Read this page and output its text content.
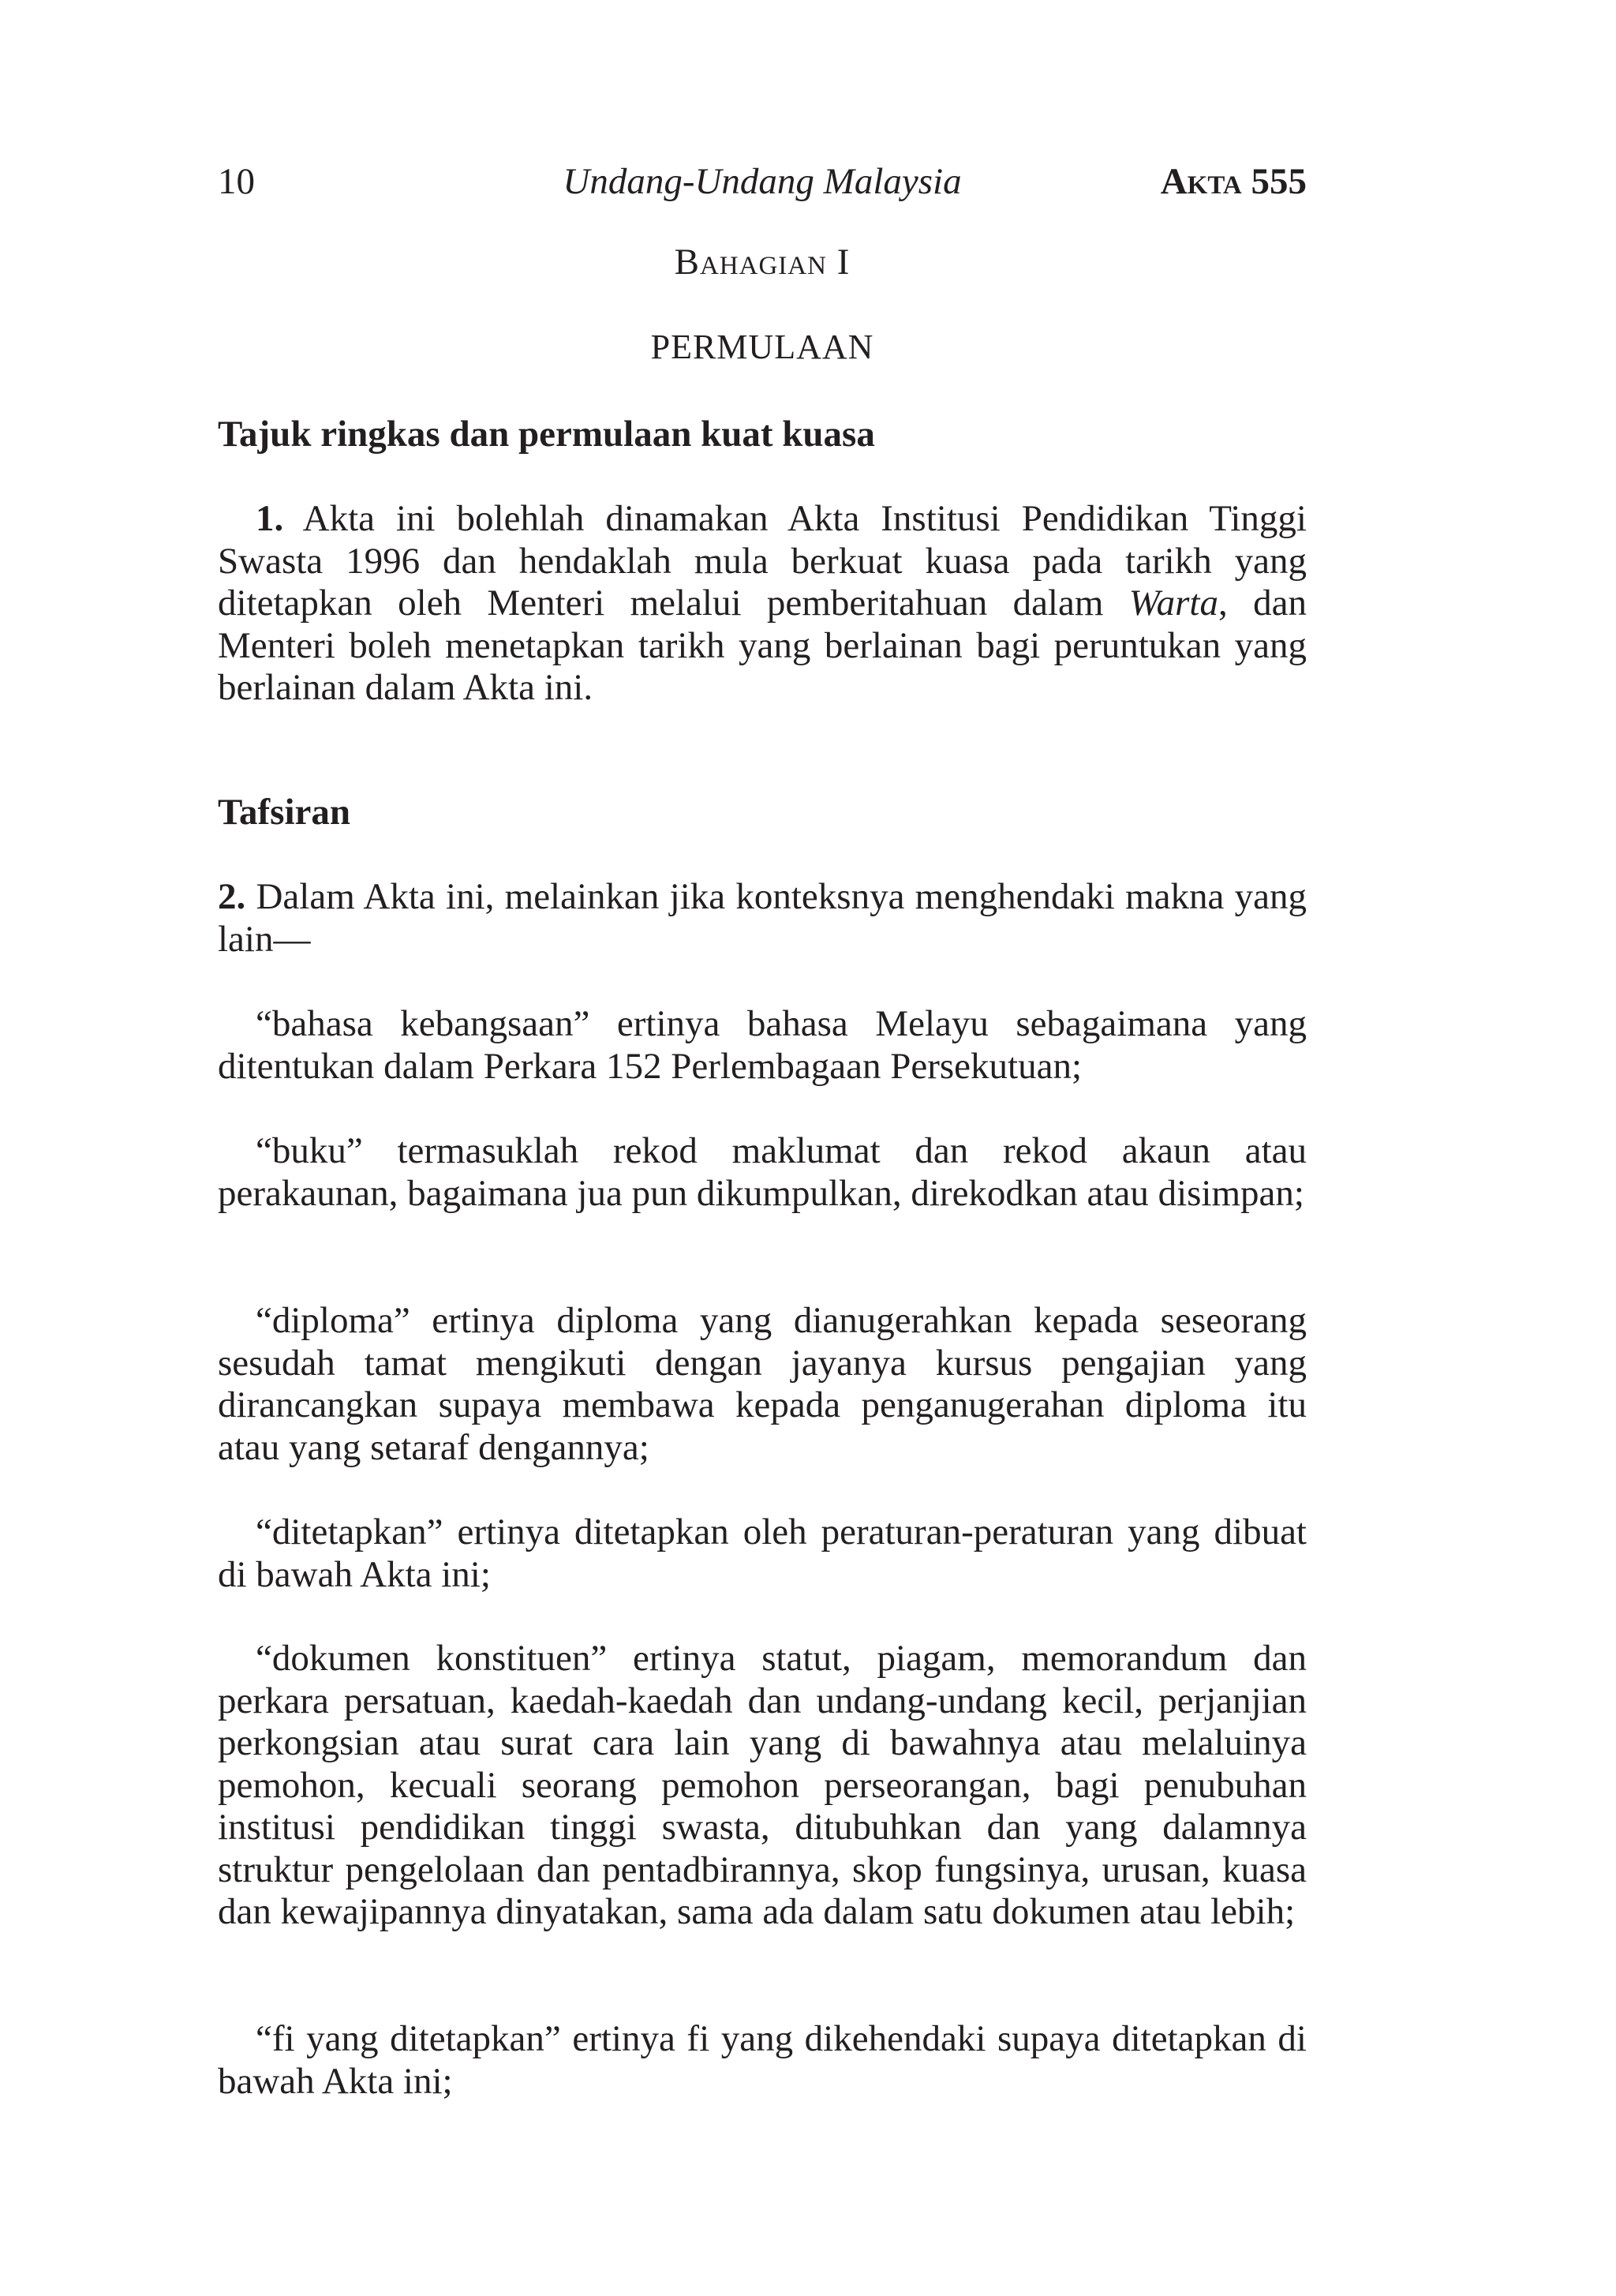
10	Undang-Undang Malaysia	Akta 555
Bahagian I
PERMULAAN
Tajuk ringkas dan permulaan kuat kuasa
1. Akta ini bolehlah dinamakan Akta Institusi Pendidikan Tinggi Swasta 1996 dan hendaklah mula berkuat kuasa pada tarikh yang ditetapkan oleh Menteri melalui pemberitahuan dalam Warta, dan Menteri boleh menetapkan tarikh yang berlainan bagi peruntukan yang berlainan dalam Akta ini.
Tafsiran
2. Dalam Akta ini, melainkan jika konteksnya menghendaki makna yang lain—
“bahasa kebangsaan” ertinya bahasa Melayu sebagaimana yang ditentukan dalam Perkara 152 Perlembagaan Persekutuan;
“buku” termasuklah rekod maklumat dan rekod akaun atau perakaunan, bagaimana jua pun dikumpulkan, direkodkan atau disimpan;
“diploma” ertinya diploma yang dianugerahkan kepada seseorang sesudah tamat mengikuti dengan jayanya kursus pengajian yang dirancangkan supaya membawa kepada penganugerahan diploma itu atau yang setaraf dengannya;
“ditetapkan” ertinya ditetapkan oleh peraturan-peraturan yang dibuat di bawah Akta ini;
“dokumen konstituen” ertinya statut, piagam, memorandum dan perkara persatuan, kaedah-kaedah dan undang-undang kecil, perjanjian perkongsian atau surat cara lain yang di bawahnya atau melaluinya pemohon, kecuali seorang pemohon perseorangan, bagi penubuhan institusi pendidikan tinggi swasta, ditubuhkan dan yang dalamnya struktur pengelolaan dan pentadbirannya, skop fungsinya, urusan, kuasa dan kewajipannya dinyatakan, sama ada dalam satu dokumen atau lebih;
“fi yang ditetapkan” ertinya fi yang dikehendaki supaya ditetapkan di bawah Akta ini;
